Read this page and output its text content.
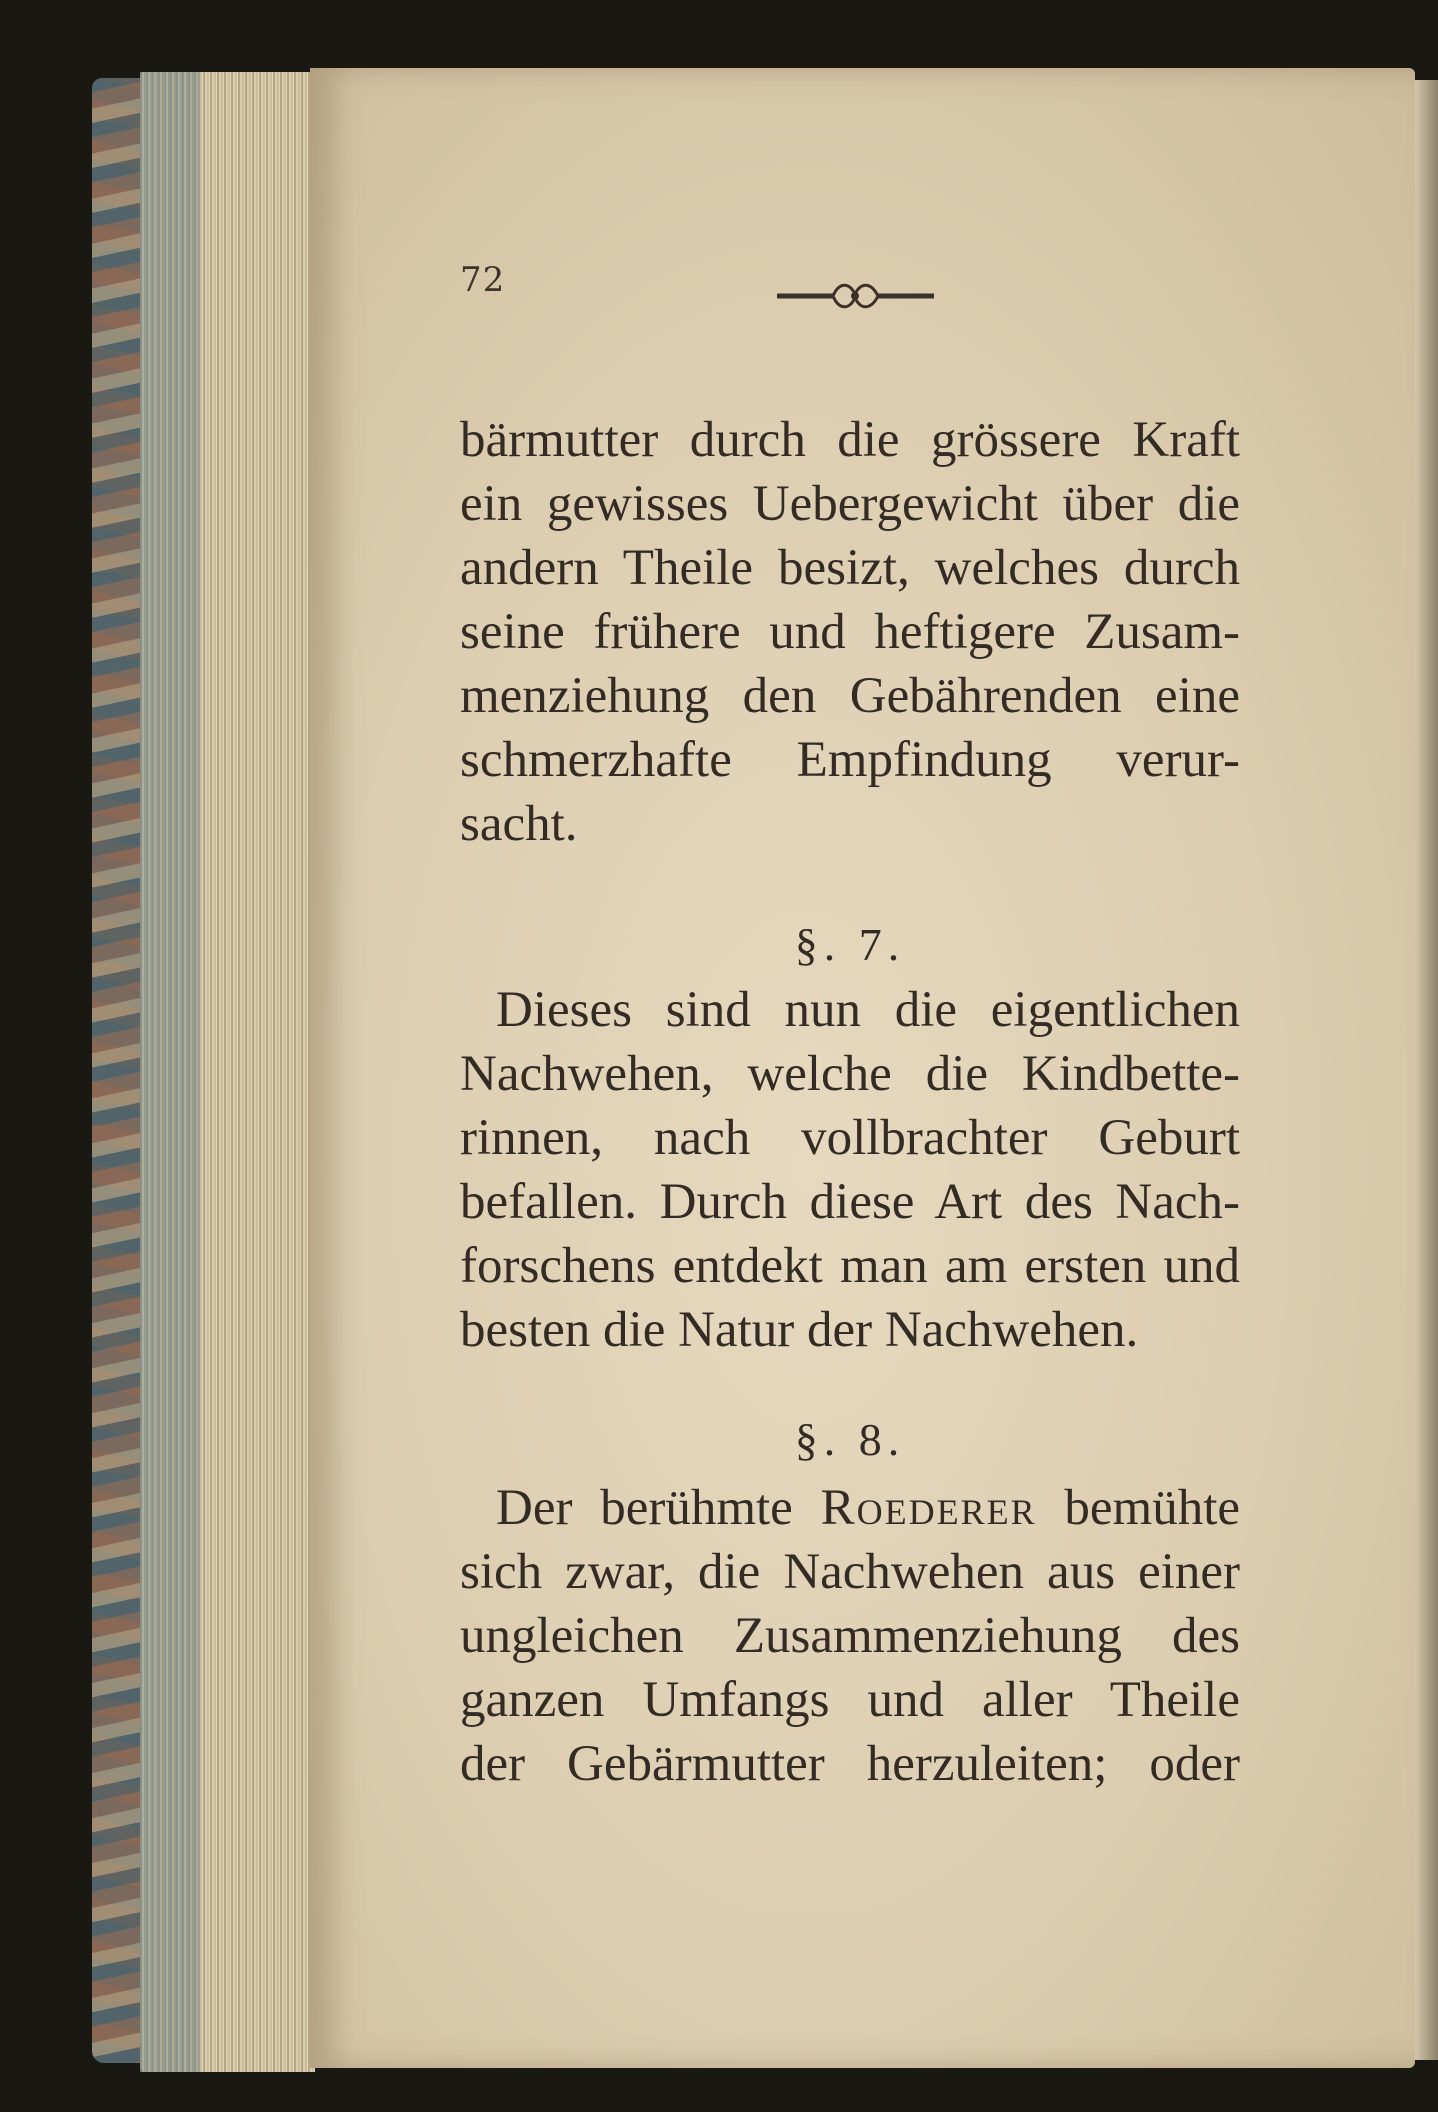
72
bärmutter durch die grössere Kraft
ein gewisses Uebergewicht über die
andern Theile besizt, welches durch
seine frühere und heftigere Zusam-
menziehung den Gebährenden eine
schmerzhafte Empfindung verur-
sacht.
§. 7.
Dieses sind nun die eigentlichen
Nachwehen, welche die Kindbette-
rinnen, nach vollbrachter Geburt
befallen. Durch diese Art des Nach-
forschens entdekt man am ersten und
besten die Natur der Nachwehen.
§. 8.
Der berühmte Roederer bemühte
sich zwar, die Nachwehen aus einer
ungleichen Zusammenziehung des
ganzen Umfangs und aller Theile
der Gebärmutter herzuleiten; oder
